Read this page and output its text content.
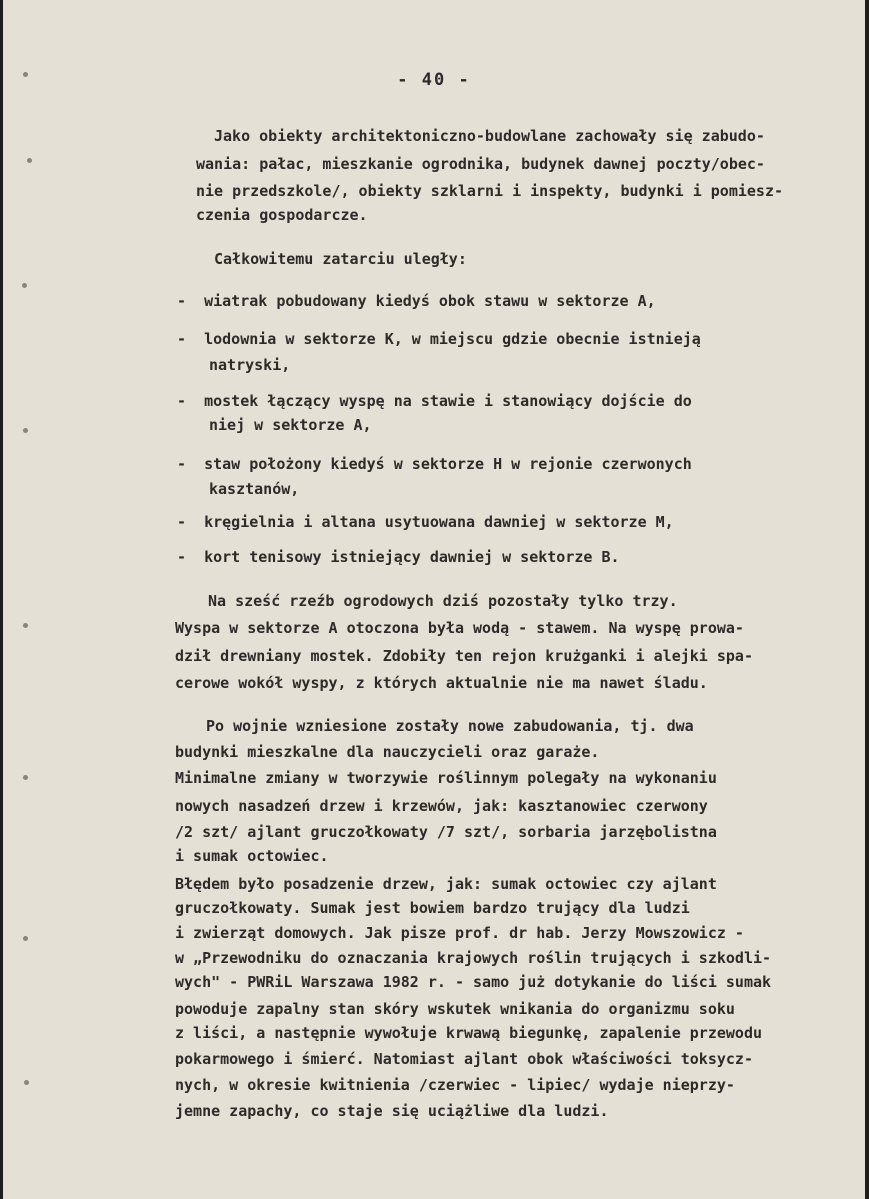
- 40 -
Jako obiekty architektoniczno-budowlane zachowały się zabudo-
wania: pałac, mieszkanie ogrodnika, budynek dawnej poczty/obec-
nie przedszkole/, obiekty szklarni i inspekty, budynki i pomiesz-
czenia gospodarcze.
Całkowitemu zatarciu uległy:
-  wiatrak pobudowany kiedyś obok stawu w sektorze A,
-  lodownia w sektorze K, w miejscu gdzie obecnie istnieją
natryski,
-  mostek łączący wyspę na stawie i stanowiący dojście do
niej w sektorze A,
-  staw położony kiedyś w sektorze H w rejonie czerwonych
kasztanów,
-  kręgielnia i altana usytuowana dawniej w sektorze M,
-  kort tenisowy istniejący dawniej w sektorze B.
Na sześć rzeźb ogrodowych dziś pozostały tylko trzy.
Wyspa w sektorze A otoczona była wodą - stawem. Na wyspę prowa-
dził drewniany mostek. Zdobiły ten rejon krużganki i alejki spa-
cerowe wokół wyspy, z których aktualnie nie ma nawet śladu.
Po wojnie wzniesione zostały nowe zabudowania, tj. dwa
budynki mieszkalne dla nauczycieli oraz garaże.
Minimalne zmiany w tworzywie roślinnym polegały na wykonaniu
nowych nasadzeń drzew i krzewów, jak: kasztanowiec czerwony
/2 szt/ ajlant gruczołkowaty /7 szt/, sorbaria jarzębolistna
i sumak octowiec.
Błędem było posadzenie drzew, jak: sumak octowiec czy ajlant
gruczołkowaty. Sumak jest bowiem bardzo trujący dla ludzi
i zwierząt domowych. Jak pisze prof. dr hab. Jerzy Mowszowicz -
w „Przewodniku do oznaczania krajowych roślin trujących i szkodli-
wych" - PWRiL Warszawa 1982 r. - samo już dotykanie do liści sumak
powoduje zapalny stan skóry wskutek wnikania do organizmu soku
z liści, a następnie wywołuje krwawą biegunkę, zapalenie przewodu
pokarmowego i śmierć. Natomiast ajlant obok właściwości toksycz-
nych, w okresie kwitnienia /czerwiec - lipiec/ wydaje nieprzy-
jemne zapachy, co staje się uciążliwe dla ludzi.
